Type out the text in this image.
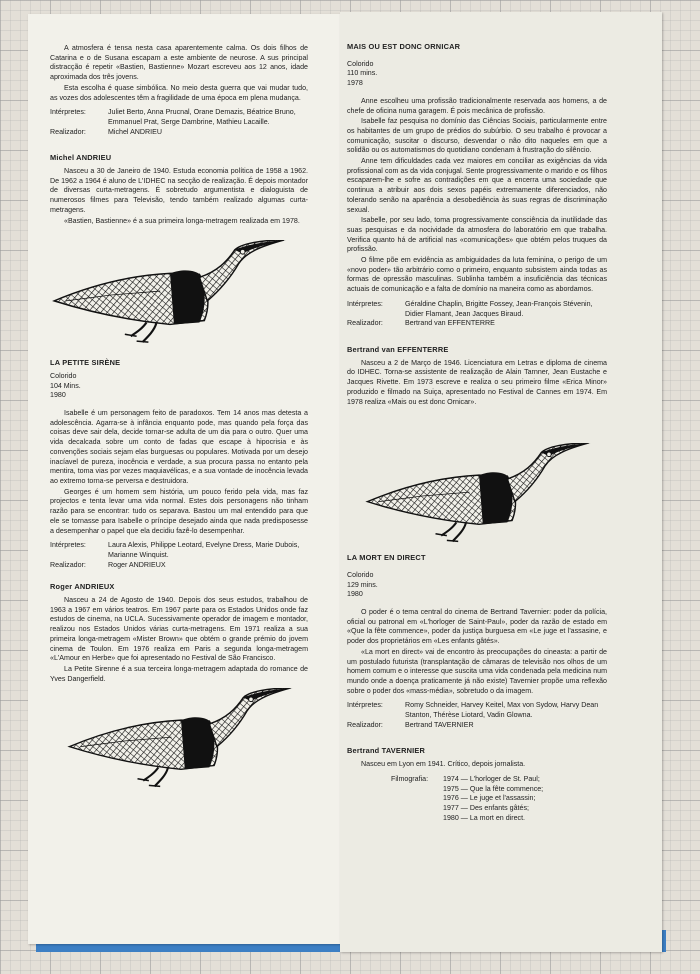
A atmosfera é tensa nesta casa aparentemente calma. Os dois filhos de Catarina e o de Susana escapam a este ambiente de neurose. A sus principal distracção é repetir «Bastien, Bastienne» Mozart escreveu aos 12 anos, idade aproximada dos três jovens.

Esta escolha é quase simbólica. No meio desta guerra que vai mudar tudo, as vozes dos adolescentes têm a fragilidade de uma época em plena mudança.

Intérpretes:	Juliet Berto, Anna Prucnal, Orane Demazis, Béatrice Bruno, Emmanuel Prat, Serge Dambrine, Mathieu Lacaille.
Realizador:	Michel ANDRIEU
Michel ANDRIEU

Nasceu a 30 de Janeiro de 1940. Estuda economia política de 1958 a 1962. De 1962 a 1964 é aluno de L'IDHEC na secção de realização. É depois montador de diversas curta-metragens. É sobretudo argumentista e dialoguista de numerosos filmes para Televisão, tendo também realizado algumas curta-metragens.

«Bastien, Bastienne» é a sua primeira longa-metragem realizada em 1978.

LA PETITE SIRÈNE
Colorido
104 Mins.
1980

Isabelle é um personagem feito de paradoxos. Tem 14 anos mas detesta a adolescência. Agarra-se à infância enquanto pode, mas quando pela força das coisas deve sair dela, decide tornar-se adulta de um dia para o outro. Quer uma vida decalcada sobre um conto de fadas que escape à hipocrisia e às convenções sociais sejam elas burguesas ou populares. Motivada por um desejo inacíavel de pureza, inocência e verdade, a sua procura passa no entanto pela mentira, toma vias por vezes maquiavélicas, e a sua vontade de inocência levada ao extremo torna-se perversa e destruidora.

Georges é um homem sem história, um pouco ferido pela vida, mas faz projectos e tenta levar uma vida normal. Estes dois personagens não tinham razão para se encontrar: tudo os separava. Bastou um mal entendido para que ele se tornasse para Isabelle o príncipe desejado ainda que nada predisposesse a desempenhar o papel que ela decidiu fazê-lo desempenhar.

Intérpretes:	Laura Alexis, Philippe Leotard, Evelyne Dress, Marie Dubois, Marianne Winquist.
Realizador:	Roger ANDRIEUX
Roger ANDRIEUX

Nasceu a 24 de Agosto de 1940. Depois dos seus estudos, trabalhou de 1963 a 1967 em vários teatros. Em 1967 parte para os Estados Unidos onde faz estudos de cinema, na UCLA. Sucessivamente operador de imagem e montador, realizou nos Estados Unidos várias curta-metragens. Em 1971 realiza a sua primeira longa-metragem «Mister Brown» que obtém o grande prémio do jovem cinema de Toulon. Em 1976 realiza em Paris a segunda longa-metragem «L'Amour en Herbe» que foi apresentado no Festival de São Francisco.

La Petite Sirenne é a sua terceira longa-metragem adaptada do romance de Yves Dangerfield.

MAIS OU EST DONC ORNICAR
Colorido
110 mins.
1978

Anne escolheu uma profissão tradicionalmente reservada aos homens, a de chefe de oficina numa garagem. É pois mecânica de profissão.

Isabelle faz pesquisa no domínio das Ciências Sociais, particularmente entre os habitantes de um grupo de prédios do subúrbio. O seu trabalho é provocar a comunicação, suscitar o discurso, desvendar o não dito naqueles em que a solidão ou os automatismos do quotidiano condenam à frustração do silêncio.

Anne tem dificuldades cada vez maiores em conciliar as exigências da vida profissional com as da vida conjugal. Sente progressivamente o marido e os filhos escaparem-lhe e sofre as contradições em que a encerra uma sociedade que continua a atribuir aos dois sexos papéis extremamente diferenciados, não tolerando senão na aparência a desobediência às suas regras de discriminação sexual.

Isabelle, por seu lado, toma progressivamente consciência da inutilidade das suas pesquisas e da nocividade da atmosfera do laboratório em que trabalha. Verifica quanto há de artificial nas «comunicações» que obtém pelos truques da profissão.

O filme põe em evidência as ambiguidades da luta feminina, o perigo de um «novo poder» tão arbitrário como o primeiro, enquanto subsistem ainda todas as formas de opressão masculinas. Sublinha também a insuficiência das técnicas actuais de comunicação e a falta de domínio na maneira como as abordamos.

Intérpretes:	Géraldine Chaplin, Brigitte Fossey, Jean-François Stévenin, Didier Flamant, Jean Jacques Biraud.
Realizador:	Bertrand van EFFENTERRE
Bertrand van EFFENTERRE

Nasceu a 2 de Março de 1946. Licenciatura em Letras e diploma de cinema do IDHEC. Torna-se assistente de realização de Alain Tarnner, Jean Eustache e Jacques Rivette. Em 1973 escreve e realiza o seu primeiro filme «Erica Minor» produzido e filmado na Suiça, apresentado no Festival de Cannes em 1974. Em 1978 realiza «Mais ou est donc Ornicar».

LA MORT EN DIRECT
Colorido
129 mins.
1980

O poder é o tema central do cinema de Bertrand Tavernier: poder da polícia, oficial ou patronal em «L'horloger de Saint-Paul», poder da razão de estado em «Que la fête commence», poder da justiça burguesa em «Le juge et l'assasine, e poder dos proprietários em «Les enfants gâtés».

«La mort en direct» vai de encontro às preocupações do cineasta: a partir de um postulado futurista (transplantação de câmaras de televisão nos olhos de um homem comum e o interesse que suscita uma vida condenada pela medicina num mundo onde a doença praticamente já não existe) Tavernier propõe uma reflexão sobre o poder dos «mass-média», sobretudo o da imagem.

Intérpretes:	Romy Schneider, Harvey Keitel, Max von Sydow, Harvy Dean Stanton, Thérèse Liotard, Vadin Glowna.
Realizador:	Bertrand TAVERNIER
Bertrand TAVERNIER

Nasceu em Lyon em 1941. Crítico, depois jornalista.

Filmografia:	1974 — L'horloger de St. Paul;
1975 — Que la fête commence;
1976 — Le juge et l'assassin;
1977 — Des enfants gâtés;
1980 — La mort en direct.
